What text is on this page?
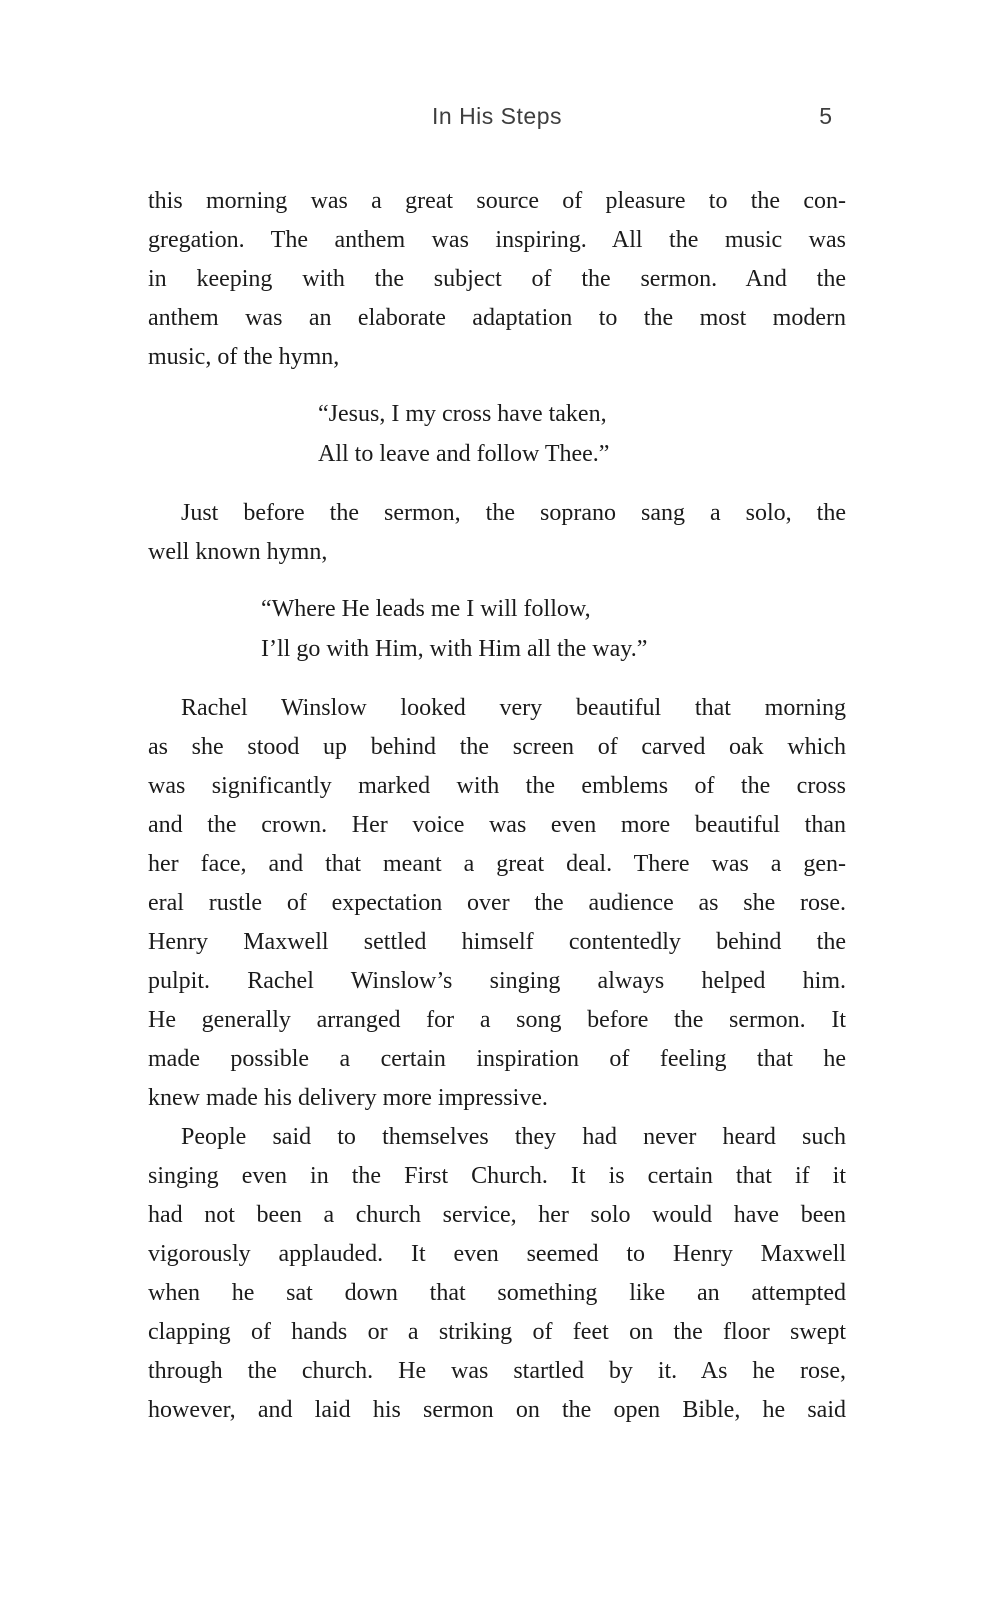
In His Steps	5
this morning was a great source of pleasure to the con-
gregation. The anthem was inspiring. All the music was
in keeping with the subject of the sermon. And the
anthem was an elaborate adaptation to the most modern
music, of the hymn,
“Jesus, I my cross have taken,
All to leave and follow Thee.”
Just before the sermon, the soprano sang a solo, the
well known hymn,
“Where He leads me I will follow,
I’ll go with Him, with Him all the way.”
Rachel Winslow looked very beautiful that morning
as she stood up behind the screen of carved oak which
was significantly marked with the emblems of the cross
and the crown. Her voice was even more beautiful than
her face, and that meant a great deal. There was a gen-
eral rustle of expectation over the audience as she rose.
Henry Maxwell settled himself contentedly behind the
pulpit. Rachel Winslow’s singing always helped him.
He generally arranged for a song before the sermon. It
made possible a certain inspiration of feeling that he
knew made his delivery more impressive.
People said to themselves they had never heard such
singing even in the First Church. It is certain that if it
had not been a church service, her solo would have been
vigorously applauded. It even seemed to Henry Maxwell
when he sat down that something like an attempted
clapping of hands or a striking of feet on the floor swept
through the church. He was startled by it. As he rose,
however, and laid his sermon on the open Bible, he said
